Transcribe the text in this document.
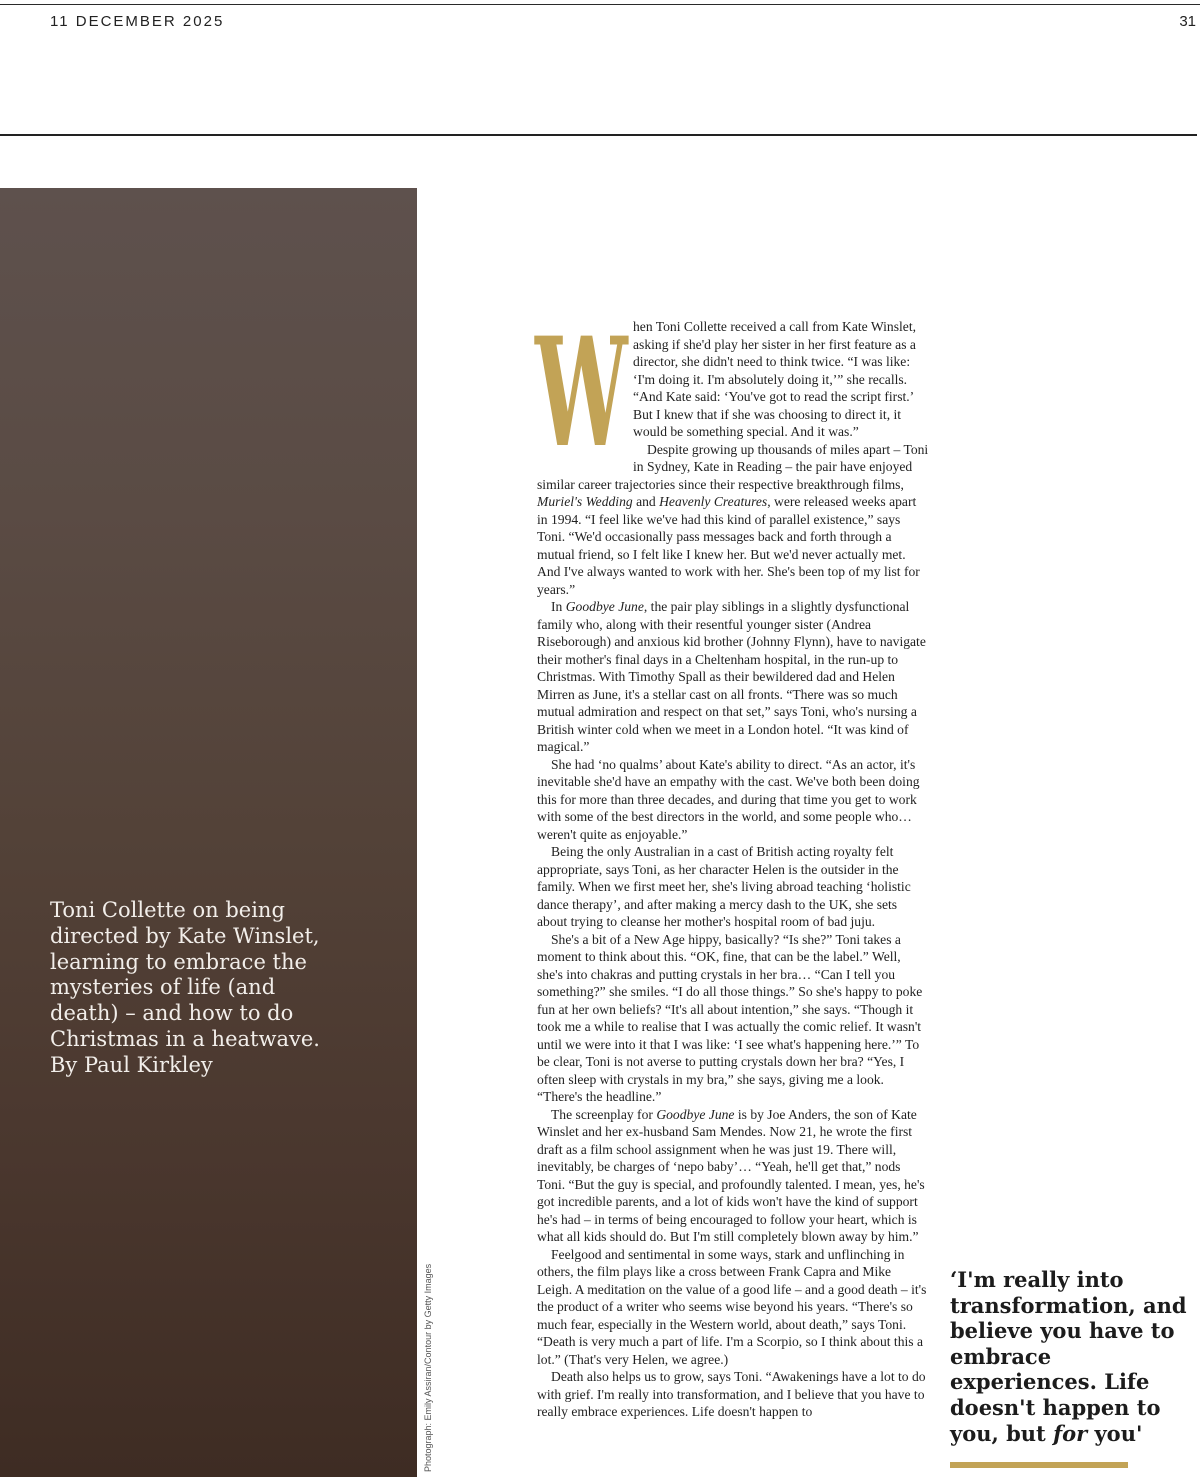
11 DECEMBER 2025	31

Toni Collette on being
directed by Kate Winslet,
learning to embrace the
mysteries of life (and
death) – and how to do
Christmas in a heatwave.
By Paul Kirkley

Photograph: Emily Assiran/Contour by Getty Images
W hen Toni Collette received a call from Kate Winslet, asking if she'd play her sister in her first feature as a director, she didn't need to think twice. “I was like: ‘I'm doing it. I'm absolutely doing it,’” she recalls. “And Kate said: ‘You've got to read the script first.’ But I knew that if she was choosing to direct it, it would be something special. And it was.”

Despite growing up thousands of miles apart – Toni in Sydney, Kate in Reading – the pair have enjoyed similar career trajectories since their respective breakthrough films, Muriel's Wedding and Heavenly Creatures, were released weeks apart in 1994. “I feel like we've had this kind of parallel existence,” says Toni. “We'd occasionally pass messages back and forth through a mutual friend, so I felt like I knew her. But we'd never actually met. And I've always wanted to work with her. She's been top of my list for years.”

In Goodbye June, the pair play siblings in a slightly dysfunctional family who, along with their resentful younger sister (Andrea Riseborough) and anxious kid brother (Johnny Flynn), have to navigate their mother's final days in a Cheltenham hospital, in the run-up to Christmas. With Timothy Spall as their bewildered dad and Helen Mirren as June, it's a stellar cast on all fronts. “There was so much mutual admiration and respect on that set,” says Toni, who's nursing a British winter cold when we meet in a London hotel. “It was kind of magical.”

She had ‘no qualms’ about Kate's ability to direct. “As an actor, it's inevitable she'd have an empathy with the cast. We've both been doing this for more than three decades, and during that time you get to work with some of the best directors in the world, and some people who… weren't quite as enjoyable.”

Being the only Australian in a cast of British acting royalty felt appropriate, says Toni, as her character Helen is the outsider in the family. When we first meet her, she's living abroad teaching ‘holistic dance therapy’, and after making a mercy dash to the UK, she sets about trying to cleanse her mother's hospital room of bad juju.

She's a bit of a New Age hippy, basically? “Is she?” Toni takes a moment to think about this. “OK, fine, that can be the label.” Well, she's into chakras and putting crystals in her bra… “Can I tell you something?” she smiles. “I do all those things.” So she's happy to poke fun at her own beliefs? “It's all about intention,” she says. “Though it took me a while to realise that I was actually the comic relief. It wasn't until we were into it that I was like: ‘I see what's happening here.’” To be clear, Toni is not averse to putting crystals down her bra? “Yes, I often sleep with crystals in my bra,” she says, giving me a look. “There's the headline.”

The screenplay for Goodbye June is by Joe Anders, the son of Kate Winslet and her ex-husband Sam Mendes. Now 21, he wrote the first draft as a film school assignment when he was just 19. There will, inevitably, be charges of ‘nepo baby’… “Yeah, he'll get that,” nods Toni. “But the guy is special, and profoundly talented. I mean, yes, he's got incredible parents, and a lot of kids won't have the kind of support he's had – in terms of being encouraged to follow your heart, which is what all kids should do. But I'm still completely blown away by him.”

Feelgood and sentimental in some ways, stark and unflinching in others, the film plays like a cross between Frank Capra and Mike Leigh. A meditation on the value of a good life – and a good death – it's the product of a writer who seems wise beyond his years. “There's so much fear, especially in the Western world, about death,” says Toni. “Death is very much a part of life. I'm a Scorpio, so I think about this a lot.” (That's very Helen, we agree.)

Death also helps us to grow, says Toni. “Awakenings have a lot to do with grief. I'm really into transformation, and I believe that you have to really embrace experiences. Life doesn't happen to

‘I'm really into transformation, and believe you have to embrace experiences. Life doesn't happen to you, but for you'
